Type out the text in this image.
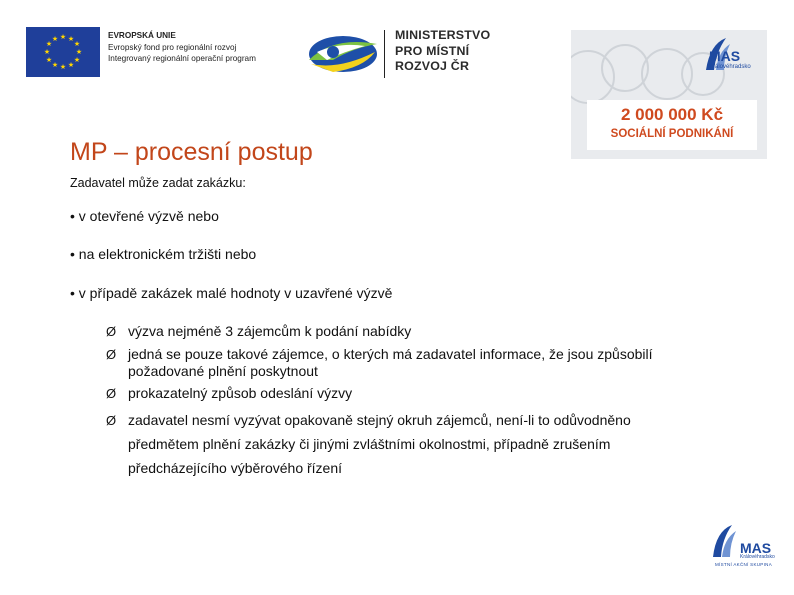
★ ★
★
★
★
★
★
★
★
★
★
★	EVROPSKÁ UNIE
Evropský fond pro regionální rozvoj
Integrovaný regionální operační program
MINISTERSTVO
PRO MÍSTNÍ
ROZVOJ ČR
MAS
Královéhradsko
2 000 000 Kč
SOCIÁLNÍ PODNIKÁNÍ
MP – procesní postup
Zadavatel může zadat zakázku:
• v otevřené výzvě nebo
• na elektronickém tržišti nebo
• v případě zakázek malé hodnoty v uzavřené výzvě
Ø výzva nejméně 3 zájemcům k podání nabídky
Ø jedná se pouze takové zájemce, o kterých má zadavatel informace, že jsou způsobilí
požadované plnění poskytnout
Ø prokazatelný způsob odeslání výzvy
Ø zadavatel nesmí vyzývat opakovaně stejný okruh zájemců, není-li to odůvodněno
předmětem plnění zakázky či jinými zvláštními okolnostmi, případně zrušením
předcházejícího výběrového řízení
MAS
Královéhradsko
MÍSTNÍ AKČNÍ SKUPINA
